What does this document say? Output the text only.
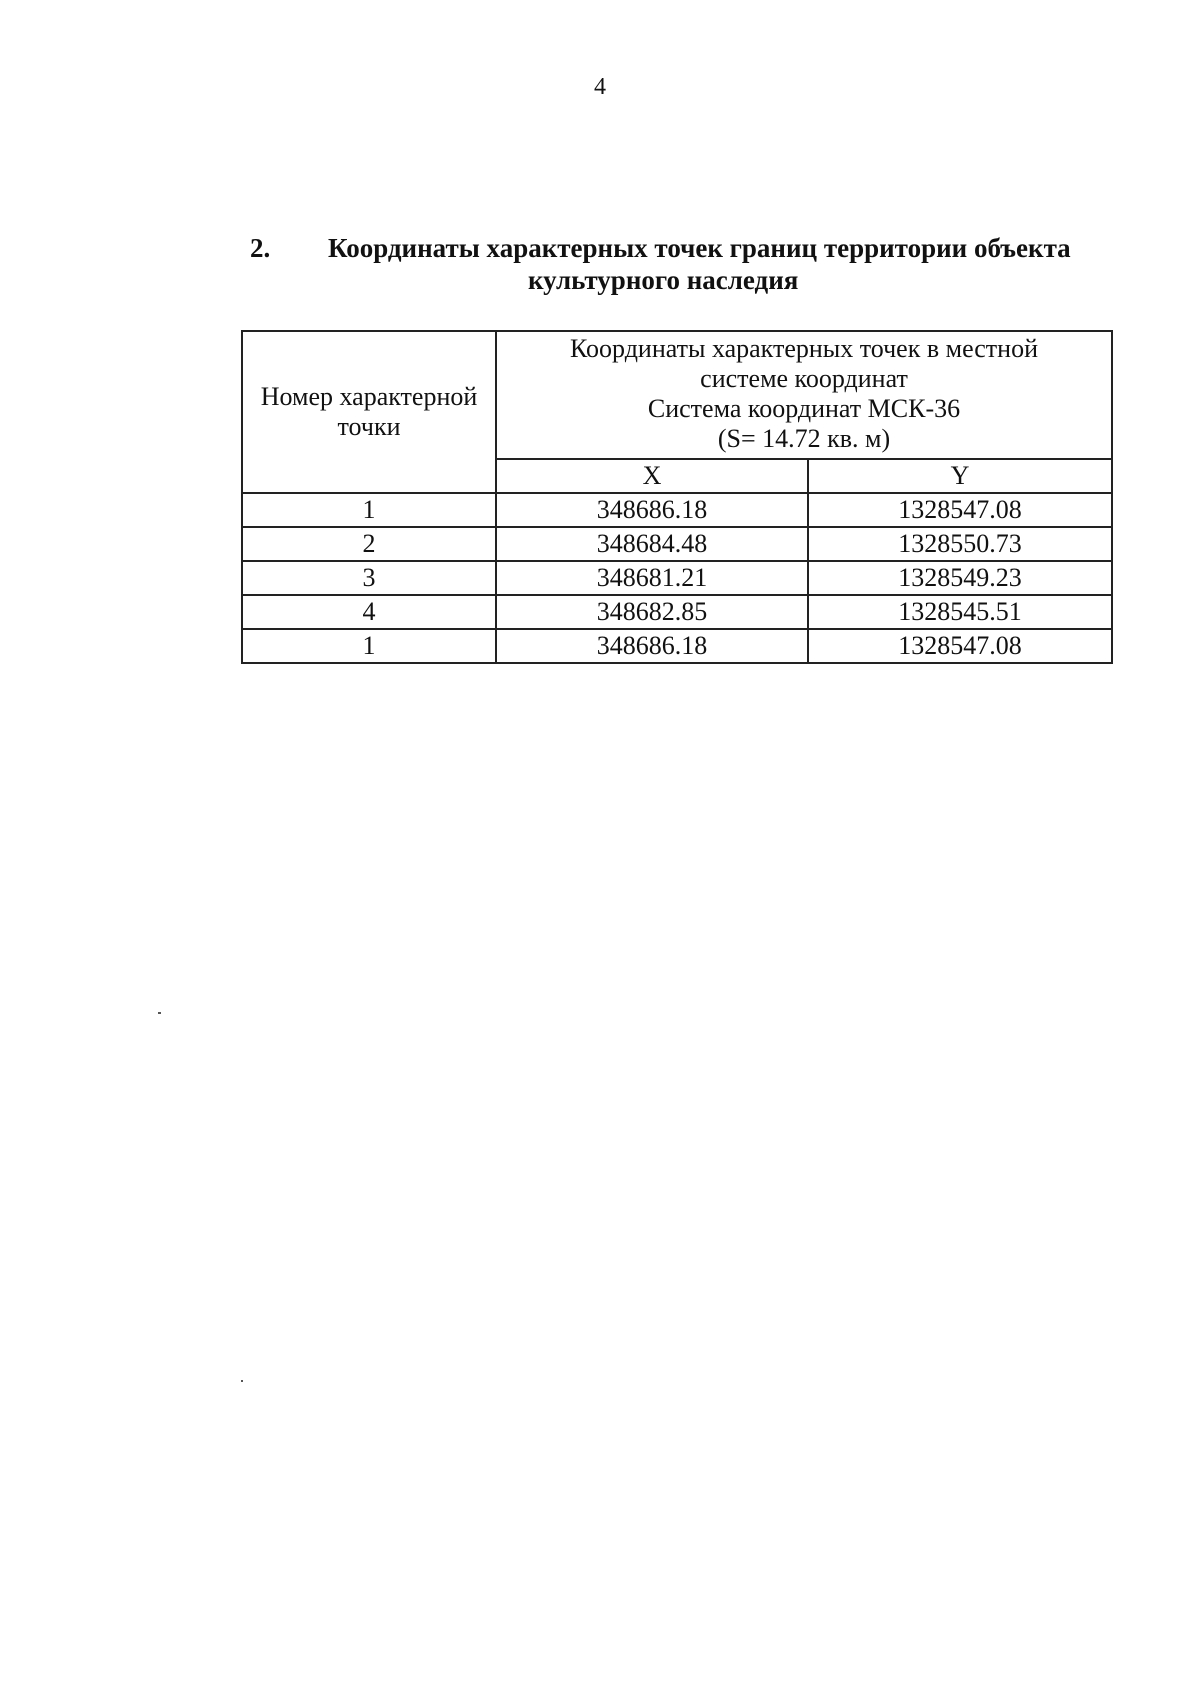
4
2.	Координаты характерных точек границ территории объекта
культурного наследия
Номер характерной точки	Координаты характерных точек в местной
системе координат
Система координат МСК-36
(S= 14.72 кв. м)	

	X	Y
1	348686.18	1328547.08
2	348684.48	1328550.73
3	348681.21	1328549.23
4	348682.85	1328545.51
1	348686.18	1328547.08
